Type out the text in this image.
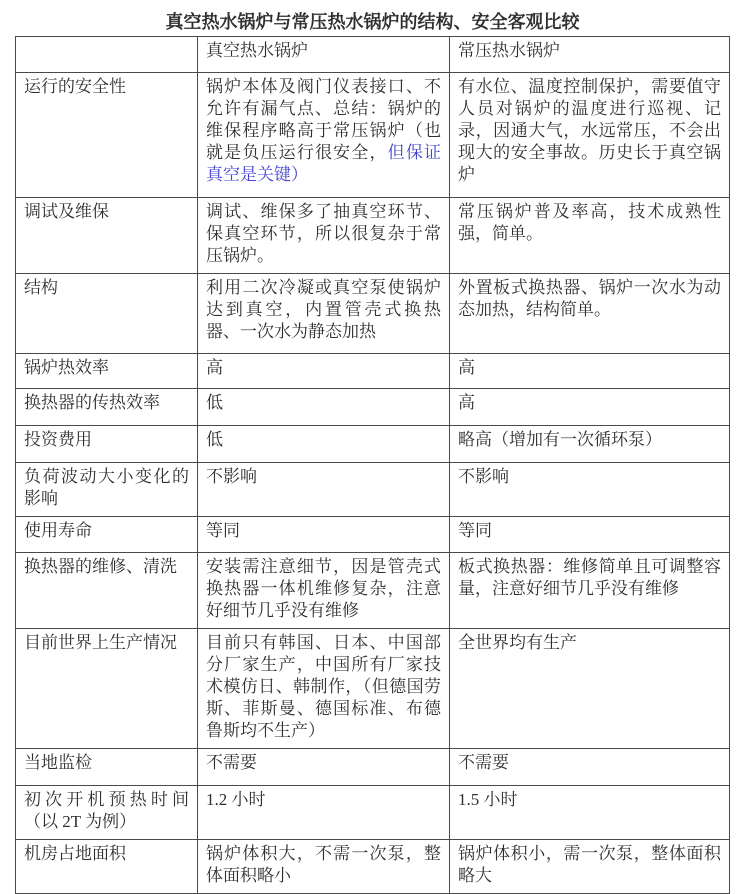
真空热水锅炉与常压热水锅炉的结构、安全客观比较
	真空热水锅炉	常压热水锅炉
运行的安全性	锅炉本体及阀门仪表接口、不允许有漏气点、总结：锅炉的维保程序略高于常压锅炉（也就是负压运行很安全，但保证真空是关键）	有水位、温度控制保护，需要值守人员对锅炉的温度进行巡视、记录，因通大气，水远常压，不会出现大的安全事故。历史长于真空锅炉
调试及维保	调试、维保多了抽真空环节、保真空环节，所以很复杂于常压锅炉。	常压锅炉普及率高，技术成熟性强，简单。
结构	利用二次冷凝或真空泵使锅炉达到真空，内置管壳式换热器、一次水为静态加热	外置板式换热器、锅炉一次水为动态加热，结构简单。
锅炉热效率	高	高
换热器的传热效率	低	高
投资费用	低	略高（增加有一次循环泵）
负荷波动大小变化的影响	不影响	不影响
使用寿命	等同	等同
换热器的维修、清洗	安装需注意细节，因是管壳式换热器一体机维修复杂，注意好细节几乎没有维修	板式换热器：维修简单且可调整容量，注意好细节几乎没有维修
目前世界上生产情况	目前只有韩国、日本、中国部分厂家生产，中国所有厂家技术模仿日、韩制作，（但德国劳斯、菲斯曼、德国标准、布德鲁斯均不生产）	全世界均有生产
当地监检	不需要	不需要
初次开机预热时间（以 2T 为例）	1.2 小时	1.5 小时
机房占地面积	锅炉体积大，不需一次泵，整体面积略小	锅炉体积小，需一次泵，整体面积略大
